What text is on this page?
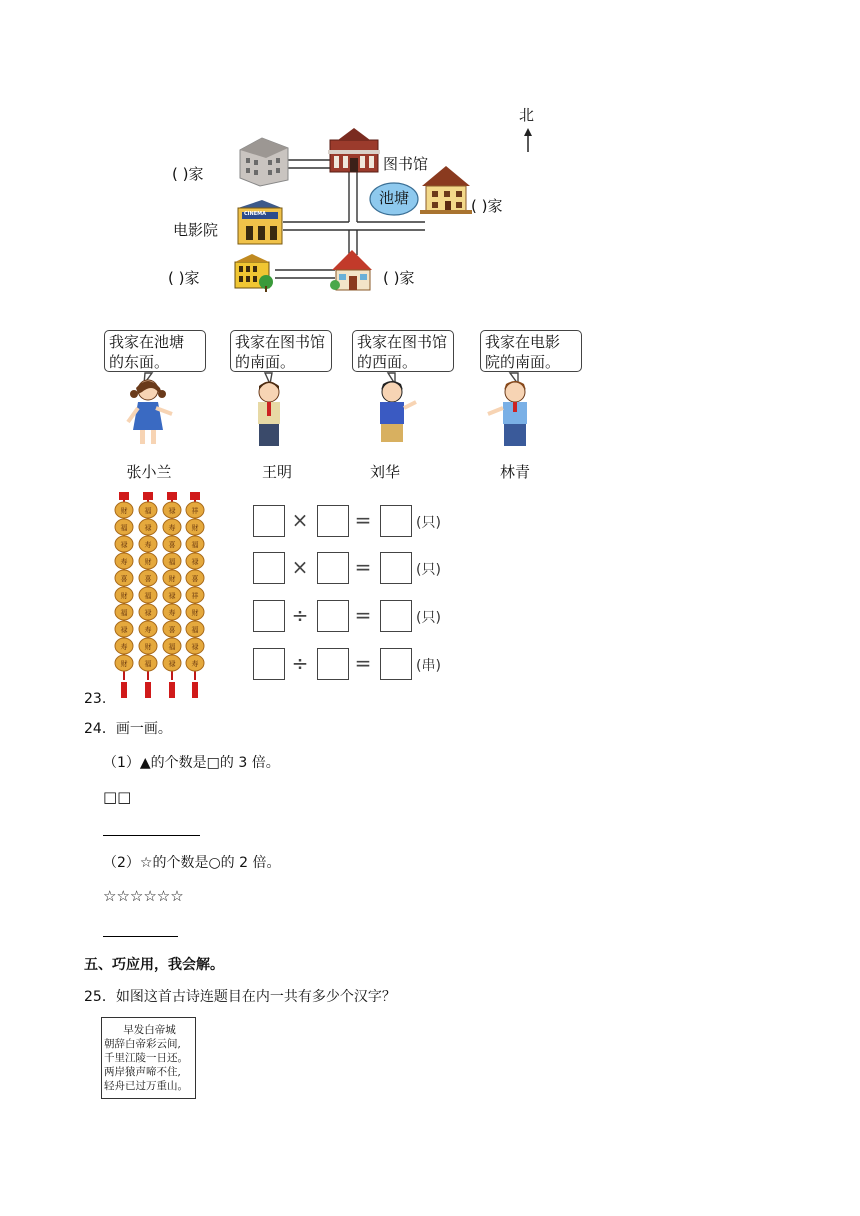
北
( )家
图书馆
池塘	( )家
电影院
CINEMA
( )家	( )家
我家在池塘
的东面。
我家在图书馆
的南面。
我家在图书馆
的西面。
我家在电影
院的南面。
张小兰	王明	刘华	林青
财
福
禄
寿
喜
财
福
禄
寿
财
福
禄
寿
财
喜
福
禄
寿
财
福
禄
寿
喜
福
财
禄
寿
喜
福
禄
祥
财
福
禄
喜
祥
财
福
禄
寿
× =	(只)
× =	(只)
÷ =	(只)
÷ =	(串)
23.
24．画一画。
（1）▲的个数是□的 3 倍。
□□
（2）☆的个数是○的 2 倍。
☆☆☆☆☆☆
五、巧应用，我会解。
25．如图这首古诗连题目在内一共有多少个汉字？
早发白帝城
朝辞白帝彩云间,
千里江陵一日还。
两岸猿声啼不住,
轻舟已过万重山。
